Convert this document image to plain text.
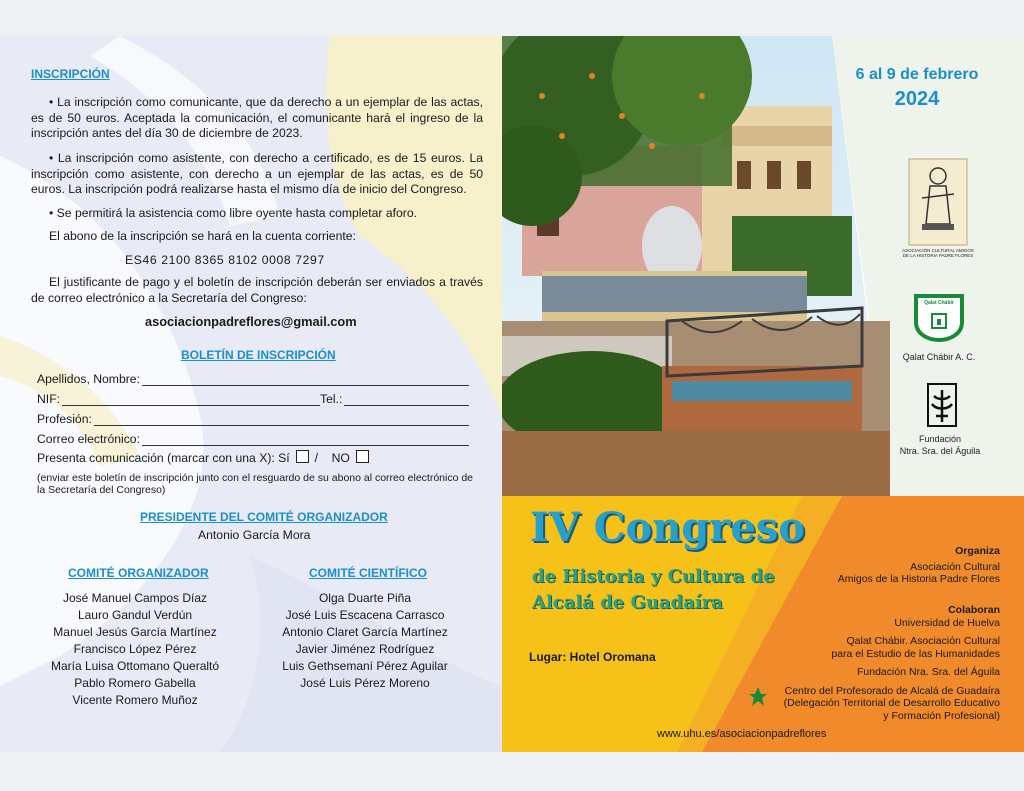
INSCRIPCIÓN
• La inscripción como comunicante, que da derecho a un ejemplar de las actas, es de 50 euros. Aceptada la comunicación, el comunicante hará el ingreso de la inscripción antes del día 30 de diciembre de 2023.
• La inscripción como asistente, con derecho a certificado, es de 15 euros. La inscripción como asistente, con derecho a un ejemplar de las actas, es de 50 euros. La inscripción podrá realizarse hasta el mismo día de inicio del Congreso.
• Se permitirá la asistencia como libre oyente hasta completar aforo.
El abono de la inscripción se hará en la cuenta corriente:
ES46 2100 8365 8102 0008 7297
El justificante de pago y el boletín de inscripción deberán ser enviados a través de correo electrónico a la Secretaría del Congreso:
asociacionpadreflores@gmail.com
BOLETÍN DE INSCRIPCIÓN
Apellidos, Nombre:
NIF:	Tel.:
Profesión:
Correo electrónico:
Presenta comunicación (marcar con una X): Sí / NO
(enviar este boletín de inscripción junto con el resguardo de su abono al correo electrónico de la Secretaría del Congreso)
PRESIDENTE DEL COMITÉ ORGANIZADOR
Antonio García Mora
COMITÉ ORGANIZADOR
José Manuel Campos Díaz
Lauro Gandul Verdún
Manuel Jesús García Martínez
Francisco López Pérez
María Luisa Ottomano Queraltó
Pablo Romero Gabella
Vicente Romero Muñoz
COMITÉ CIENTÍFICO
Olga Duarte Piña
José Luis Escacena Carrasco
Antonio Claret García Martínez
Javier Jiménez Rodríguez
Luis Gethsemaní Pérez Aguilar
José Luis Pérez Moreno
6 al 9 de febrero
2024
ASOCIACIÓN CULTURAL AMIGOS DE LA HISTORIA PADRE FLORES
Qalat Chábir
Qalat Chábir A. C.
Fundación
Ntra. Sra. del Águila
IV Congreso
de Historia y Cultura de
Alcalá de Guadaíra
Lugar: Hotel Oromana
Organiza

Asociación Cultural
Amigos de la Historia Padre Flores
Colaboran

Universidad de Huelva
Qalat Chábir. Asociación Cultural
para el Estudio de las Humanidades
Fundación Nra. Sra. del Águila
Centro del Profesorado de Alcalá de Guadaíra
(Delegación Territorial de Desarrollo Educativo
y Formación Profesional)
www.uhu.es/asociacionpadreflores
